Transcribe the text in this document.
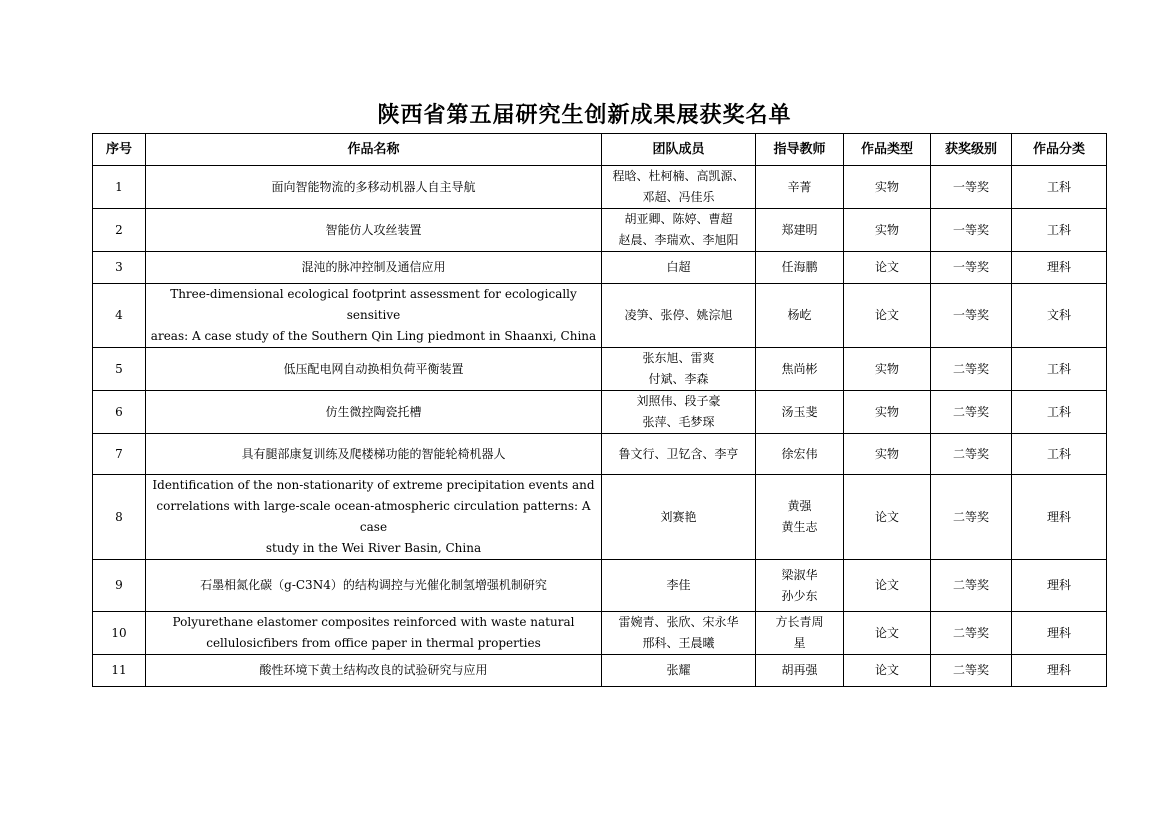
陕西省第五届研究生创新成果展获奖名单
序号	作品名称	团队成员	指导教师	作品类型	获奖级别	作品分类
1	面向智能物流的多移动机器人自主导航	程晗、杜柯楠、高凯源、
邓超、冯佳乐	辛菁	实物	一等奖	工科
2	智能仿人攻丝装置	胡亚卿、陈婷、曹超
赵晨、李瑞欢、李旭阳	郑建明	实物	一等奖	工科
3	混沌的脉冲控制及通信应用	白超	任海鹏	论文	一等奖	理科
4	Three-dimensional ecological footprint assessment for ecologically sensitive
areas: A case study of the Southern Qin Ling piedmont in Shaanxi, China	凌笋、张停、姚淙旭	杨屹	论文	一等奖	文科
5	低压配电网自动换相负荷平衡装置	张东旭、雷爽
付斌、李森	焦尚彬	实物	二等奖	工科
6	仿生微控陶瓷托槽	刘照伟、段子豪
张萍、毛梦琛	汤玉斐	实物	二等奖	工科
7	具有腿部康复训练及爬楼梯功能的智能轮椅机器人	鲁文行、卫钇含、李亨	徐宏伟	实物	二等奖	工科
8	Identification of the non-stationarity of extreme precipitation events and
correlations with large-scale ocean-atmospheric circulation patterns: A case
study in the Wei River Basin, China	刘赛艳	黄强
黄生志	论文	二等奖	理科
9	石墨相氮化碳（g-C3N4）的结构调控与光催化制氢增强机制研究	李佳	梁淑华
孙少东	论文	二等奖	理科
10	Polyurethane elastomer composites reinforced with waste natural
cellulosicfibers from office paper in thermal properties	雷婉青、张欣、宋永华
邢科、王晨曦	方长青周
星	论文	二等奖	理科
11	酸性环境下黄土结构改良的试验研究与应用	张耀	胡再强	论文	二等奖	理科
